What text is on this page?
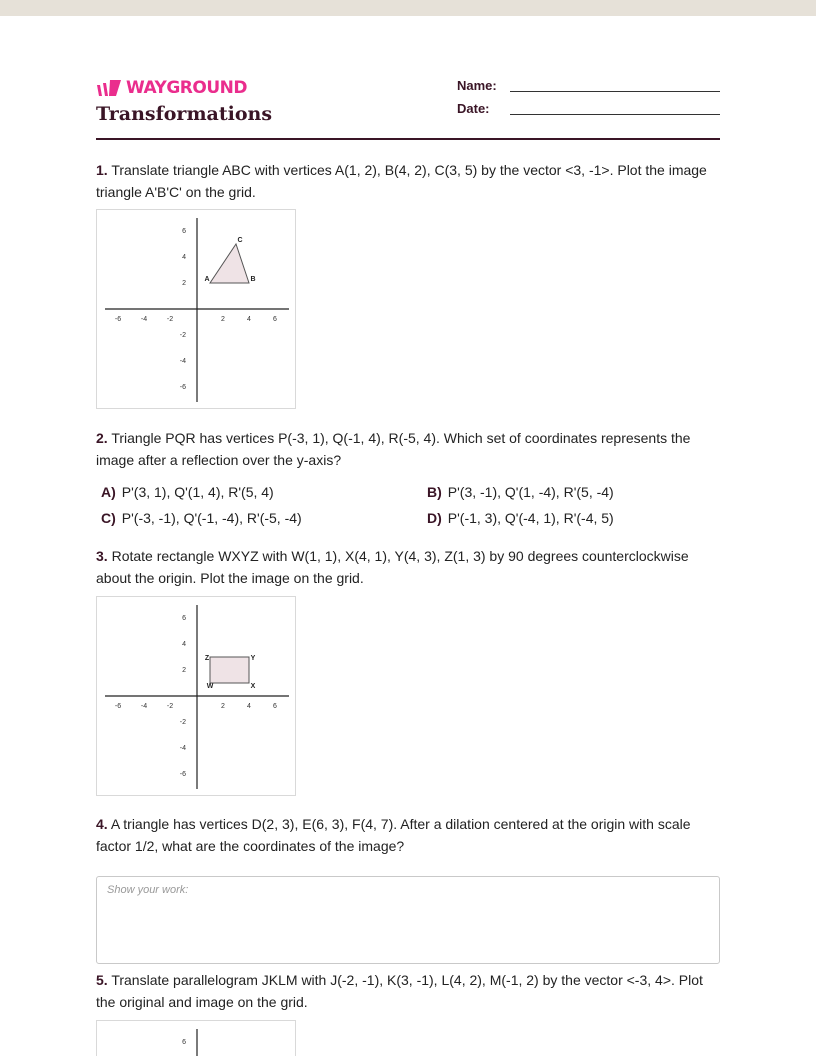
WAYGROUND
Transformations
Name:
Date:
1. Translate triangle ABC with vertices A(1, 2), B(4, 2), C(3, 5) by the vector <3, -1>. Plot the image triangle A'B'C' on the grid.
-6	-4	-2	2	4	6
6
4
2
-2
-4
-6
A	B
C
2. Triangle PQR has vertices P(-3, 1), Q(-1, 4), R(-5, 4). Which set of coordinates represents the image after a reflection over the y-axis?
A) P'(3, 1), Q'(1, 4), R'(5, 4)	B) P'(3, -1), Q'(1, -4), R'(5, -4)
C) P'(-3, -1), Q'(-1, -4), R'(-5, -4)	D) P'(-1, 3), Q'(-4, 1), R'(-4, 5)
3. Rotate rectangle WXYZ with W(1, 1), X(4, 1), Y(4, 3), Z(1, 3) by 90 degrees counterclockwise about the origin. Plot the image on the grid.
-6	-4	-2	2	4	6
6
4
2
-2
-4
-6
W	X
Y
Z
4. A triangle has vertices D(2, 3), E(6, 3), F(4, 7). After a dilation centered at the origin with scale factor 1/2, what are the coordinates of the image?
Show your work:
5. Translate parallelogram JKLM with J(-2, -1), K(3, -1), L(4, 2), M(-1, 2) by the vector <-3, 4>. Plot the original and image on the grid.
6
